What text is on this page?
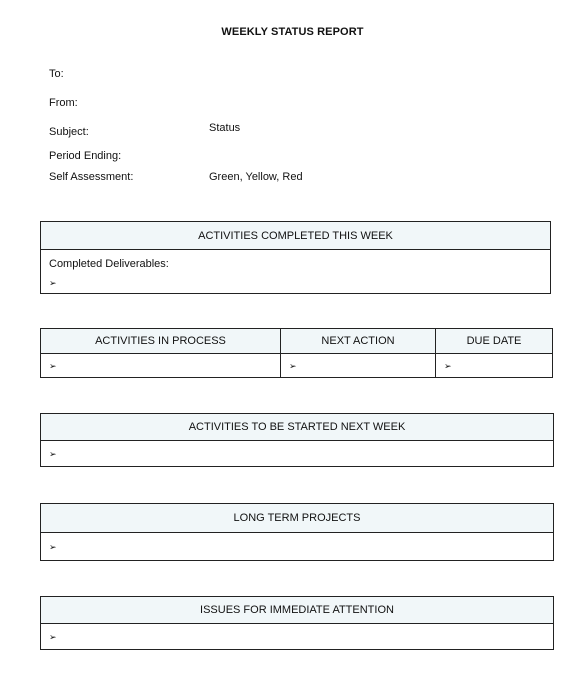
WEEKLY STATUS REPORT
To:
From:
Subject:	Status
Period Ending:
Self Assessment:	Green, Yellow, Red
ACTIVITIES COMPLETED THIS WEEK

Completed Deliverables:
➢
ACTIVITIES IN PROCESS	NEXT ACTION	DUE DATE
➢	➢	➢
ACTIVITIES TO BE STARTED NEXT WEEK
➢
LONG TERM PROJECTS
➢
ISSUES FOR IMMEDIATE ATTENTION
➢
